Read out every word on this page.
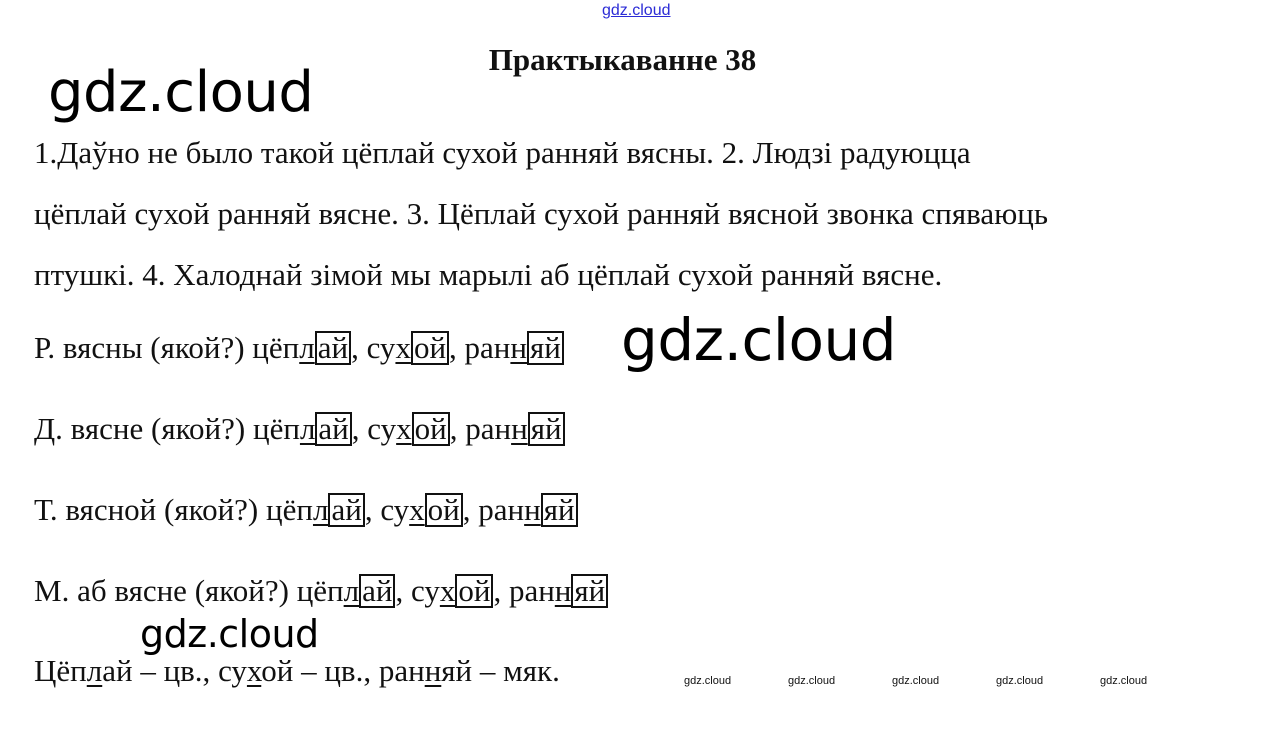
gdz.cloud
Практыкаванне 38
gdz.cloud

1.Даўно не было такой цёплай сухой ранняй вясны. 2. Людзі радуюцца
цёплай сухой ранняй вясне. 3. Цёплай сухой ранняй вясной звонка спяваюць
птушкі. 4. Халоднай зімой мы марылі аб цёплай сухой ранняй вясне.

Р. вясны (якой?) цёплай, сухой, ранняй gdz.cloud
Д. вясне (якой?) цёплай, сухой, ранняй
Т. вясной (якой?) цёплай, сухой, ранняй
М. аб вясне (якой?) цёплай, сухой, ранняй
gdz.cloud
Цёплай – цв., сухой – цв., ранняй – мяк.	gdz.cloud	gdz.cloud	gdz.cloud	gdz.cloud	gdz.cloud
